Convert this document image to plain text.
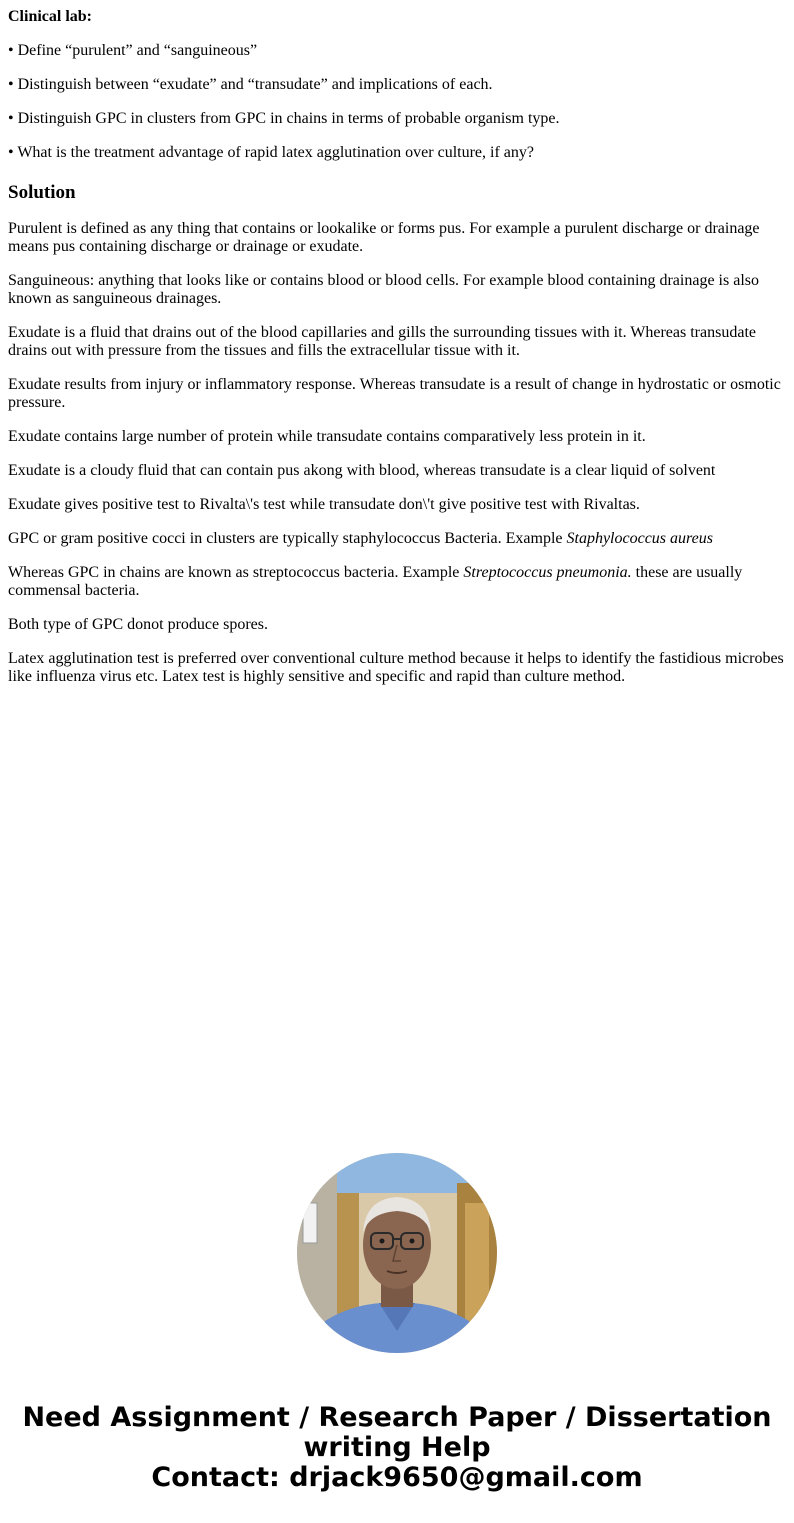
Clinical lab:
• Define “purulent” and “sanguineous”
• Distinguish between “exudate” and “transudate” and implications of each.
• Distinguish GPC in clusters from GPC in chains in terms of probable organism type.
• What is the treatment advantage of rapid latex agglutination over culture, if any?
Solution
Purulent is defined as any thing that contains or lookalike or forms pus. For example a purulent discharge or drainage means pus containing discharge or drainage or exudate.
Sanguineous: anything that looks like or contains blood or blood cells. For example blood containing drainage is also known as sanguineous drainages.
Exudate is a fluid that drains out of the blood capillaries and gills the surrounding tissues with it. Whereas transudate drains out with pressure from the tissues and fills the extracellular tissue with it.
Exudate results from injury or inflammatory response. Whereas transudate is a result of change in hydrostatic or osmotic pressure.
Exudate contains large number of protein while transudate contains comparatively less protein in it.
Exudate is a cloudy fluid that can contain pus akong with blood, whereas transudate is a clear liquid of solvent
Exudate gives positive test to Rivalta\'s test while transudate don\'t give positive test with Rivaltas.
GPC or gram positive cocci in clusters are typically staphylococcus Bacteria. Example Staphylococcus aureus
Whereas GPC in chains are known as streptococcus bacteria. Example Streptococcus pneumonia. these are usually commensal bacteria.
Both type of GPC donot produce spores.
Latex agglutination test is preferred over conventional culture method because it helps to identify the fastidious microbes like influenza virus etc. Latex test is highly sensitive and specific and rapid than culture method.
Need Assignment / Research Paper / Dissertation
writing Help
Contact: drjack9650@gmail.com
